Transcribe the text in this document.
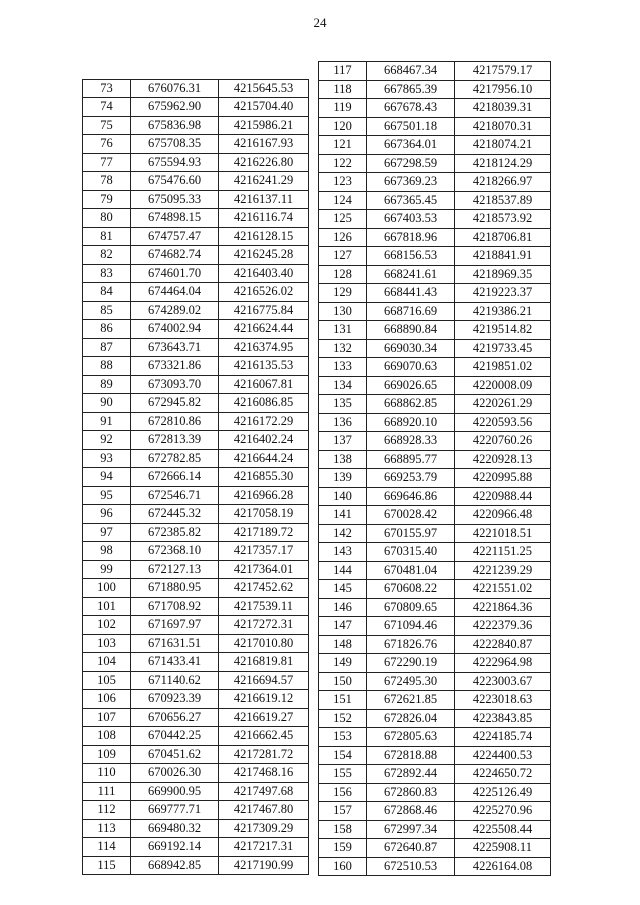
24

73	676076.31	4215645.53
74	675962.90	4215704.40
75	675836.98	4215986.21
76	675708.35	4216167.93
77	675594.93	4216226.80
78	675476.60	4216241.29
79	675095.33	4216137.11
80	674898.15	4216116.74
81	674757.47	4216128.15
82	674682.74	4216245.28
83	674601.70	4216403.40
84	674464.04	4216526.02
85	674289.02	4216775.84
86	674002.94	4216624.44
87	673643.71	4216374.95
88	673321.86	4216135.53
89	673093.70	4216067.81
90	672945.82	4216086.85
91	672810.86	4216172.29
92	672813.39	4216402.24
93	672782.85	4216644.24
94	672666.14	4216855.30
95	672546.71	4216966.28
96	672445.32	4217058.19
97	672385.82	4217189.72
98	672368.10	4217357.17
99	672127.13	4217364.01
100	671880.95	4217452.62
101	671708.92	4217539.11
102	671697.97	4217272.31
103	671631.51	4217010.80
104	671433.41	4216819.81
105	671140.62	4216694.57
106	670923.39	4216619.12
107	670656.27	4216619.27
108	670442.25	4216662.45
109	670451.62	4217281.72
110	670026.30	4217468.16
111	669900.95	4217497.68
112	669777.71	4217467.80
113	669480.32	4217309.29
114	669192.14	4217217.31
115	668942.85	4217190.99
117	668467.34	4217579.17
118	667865.39	4217956.10
119	667678.43	4218039.31
120	667501.18	4218070.31
121	667364.01	4218074.21
122	667298.59	4218124.29
123	667369.23	4218266.97
124	667365.45	4218537.89
125	667403.53	4218573.92
126	667818.96	4218706.81
127	668156.53	4218841.91
128	668241.61	4218969.35
129	668441.43	4219223.37
130	668716.69	4219386.21
131	668890.84	4219514.82
132	669030.34	4219733.45
133	669070.63	4219851.02
134	669026.65	4220008.09
135	668862.85	4220261.29
136	668920.10	4220593.56
137	668928.33	4220760.26
138	668895.77	4220928.13
139	669253.79	4220995.88
140	669646.86	4220988.44
141	670028.42	4220966.48
142	670155.97	4221018.51
143	670315.40	4221151.25
144	670481.04	4221239.29
145	670608.22	4221551.02
146	670809.65	4221864.36
147	671094.46	4222379.36
148	671826.76	4222840.87
149	672290.19	4222964.98
150	672495.30	4223003.67
151	672621.85	4223018.63
152	672826.04	4223843.85
153	672805.63	4224185.74
154	672818.88	4224400.53
155	672892.44	4224650.72
156	672860.83	4225126.49
157	672868.46	4225270.96
158	672997.34	4225508.44
159	672640.87	4225908.11
160	672510.53	4226164.08
